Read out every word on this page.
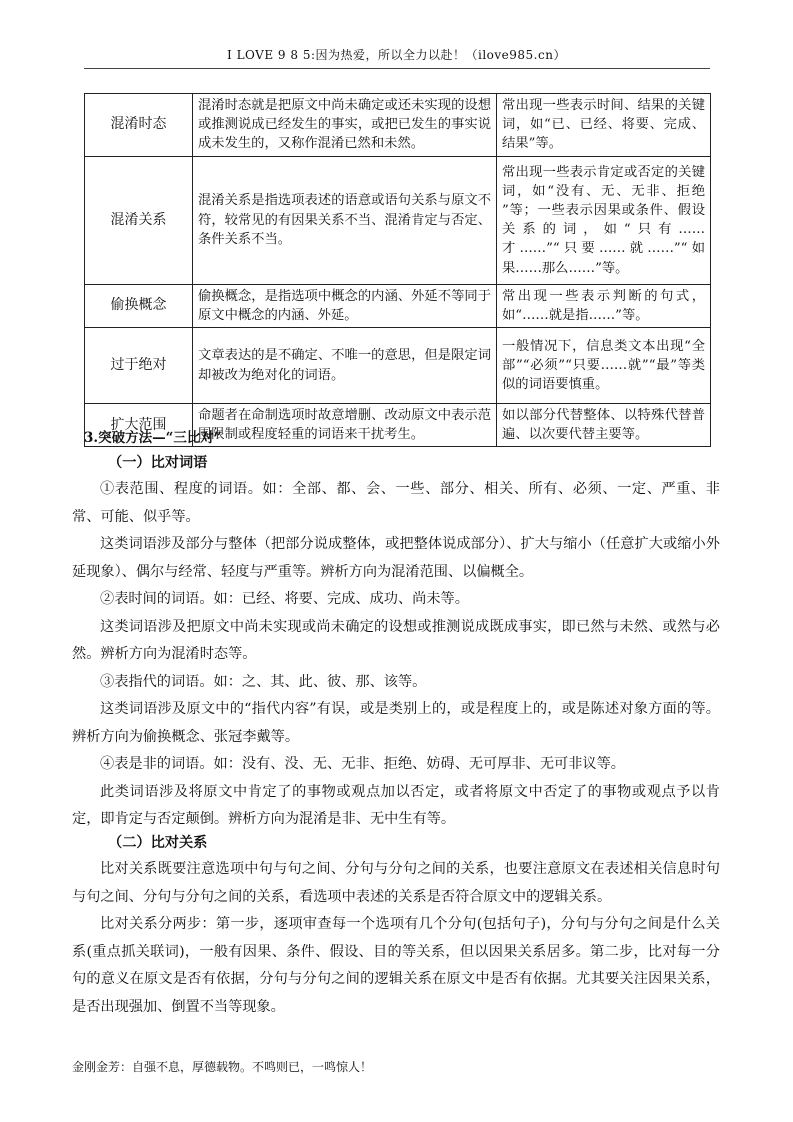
I LOVE 9 8 5:因为热爱，所以全力以赴！（ilove985.cn）
混淆时态	混淆时态就是把原文中尚未确定或还未实现的设想或推测说成已经发生的事实，或把已发生的事实说成未发生的，又称作混淆已然和未然。	常出现一些表示时间、结果的关键词，如“已、已经、将要、完成、结果”等。
混淆关系	混淆关系是指选项表述的语意或语句关系与原文不符，较常见的有因果关系不当、混淆肯定与否定、条件关系不当。	常出现一些表示肯定或否定的关键词，如“没有、无、无非、拒绝 ”等；一些表示因果或条件、假设关系的词，如“只有……才……”“只要……就……”“如果……那么……”等。
偷换概念	偷换概念，是指选项中概念的内涵、外延不等同于原文中概念的内涵、外延。	常出现一些表示判断的句式，如“……就是指……”等。
过于绝对	文章表达的是不确定、不唯一的意思，但是限定词却被改为绝对化的词语。	一般情况下，信息类文本出现“全部”“必须”“只要……就”“最”等类似的词语要慎重。
扩大范围	命题者在命制选项时故意增删、改动原文中表示范围限制或程度轻重的词语来干扰考生。	如以部分代替整体、以特殊代替普遍、以次要代替主要等。
3.突破方法—“三比对”
（一）比对词语

①表范围、程度的词语。如：全部、都、会、一些、部分、相关、所有、必须、一定、严重、非常、可能、似乎等。

这类词语涉及部分与整体（把部分说成整体，或把整体说成部分）、扩大与缩小（任意扩大或缩小外延现象）、偶尔与经常、轻度与严重等。辨析方向为混淆范围、以偏概全。

②表时间的词语。如：已经、将要、完成、成功、尚未等。

这类词语涉及把原文中尚未实现或尚未确定的设想或推测说成既成事实，即已然与未然、或然与必然。辨析方向为混淆时态等。

③表指代的词语。如：之、其、此、彼、那、该等。

这类词语涉及原文中的“指代内容”有误，或是类别上的，或是程度上的，或是陈述对象方面的等。辨析方向为偷换概念、张冠李戴等。

④表是非的词语。如：没有、没、无、无非、拒绝、妨碍、无可厚非、无可非议等。

此类词语涉及将原文中肯定了的事物或观点加以否定，或者将原文中否定了的事物或观点予以肯定，即肯定与否定颠倒。辨析方向为混淆是非、无中生有等。

（二）比对关系

比对关系既要注意选项中句与句之间、分句与分句之间的关系，也要注意原文在表述相关信息时句与句之间、分句与分句之间的关系，看选项中表述的关系是否符合原文中的逻辑关系。

比对关系分两步：第一步，逐项审查每一个选项有几个分句(包括句子)，分句与分句之间是什么关系(重点抓关联词)，一般有因果、条件、假设、目的等关系，但以因果关系居多。第二步，比对每一分句的意义在原文是否有依据，分句与分句之间的逻辑关系在原文中是否有依据。尤其要关注因果关系，是否出现强加、倒置不当等现象。

金刚金芳：自强不息，厚德载物。不鸣则已，一鸣惊人！
